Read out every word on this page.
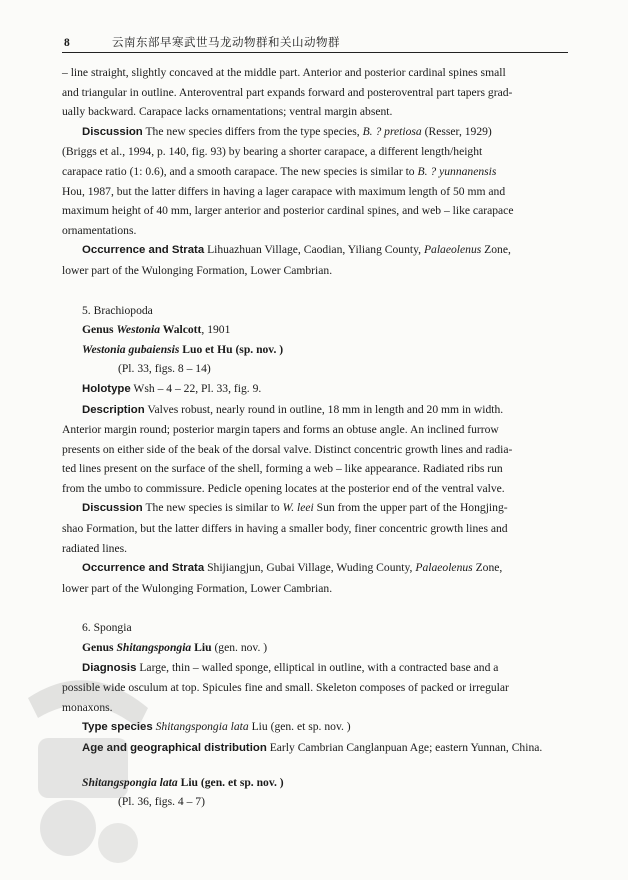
8	云南东部早寒武世马龙动物群和关山动物群

– line straight, slightly concaved at the middle part. Anterior and posterior cardinal spines small
and triangular in outline. Anteroventral part expands forward and posteroventral part tapers grad-
ually backward. Carapace lacks ornamentations; ventral margin absent.

Discussion The new species differs from the type species, B. ? pretiosa (Resser, 1929)
(Briggs et al., 1994, p. 140, fig. 93) by bearing a shorter carapace, a different length/height
carapace ratio (1: 0.6), and a smooth carapace. The new species is similar to B. ? yunnanensis
Hou, 1987, but the latter differs in having a lager carapace with maximum length of 50 mm and
maximum height of 40 mm, larger anterior and posterior cardinal spines, and web – like carapace
ornamentations.

Occurrence and Strata Lihuazhuan Village, Caodian, Yiliang County, Palaeolenus Zone,
lower part of the Wulonging Formation, Lower Cambrian.

5. Brachiopoda

Genus Westonia Walcott, 1901

Westonia gubaiensis Luo et Hu (sp. nov. )

(Pl. 33, figs. 8 – 14)

Holotype Wsh – 4 – 22, Pl. 33, fig. 9.

Description Valves robust, nearly round in outline, 18 mm in length and 20 mm in width.
Anterior margin round; posterior margin tapers and forms an obtuse angle. An inclined furrow
presents on either side of the beak of the dorsal valve. Distinct concentric growth lines and radia-
ted lines present on the surface of the shell, forming a web – like appearance. Radiated ribs run
from the umbo to commissure. Pedicle opening locates at the posterior end of the ventral valve.

Discussion The new species is similar to W. leei Sun from the upper part of the Hongjing-
shao Formation, but the latter differs in having a smaller body, finer concentric growth lines and
radiated lines.

Occurrence and Strata Shijiangjun, Gubai Village, Wuding County, Palaeolenus Zone,
lower part of the Wulonging Formation, Lower Cambrian.

6. Spongia

Genus Shitangspongia Liu (gen. nov. )

Diagnosis Large, thin – walled sponge, elliptical in outline, with a contracted base and a
possible wide osculum at top. Spicules fine and small. Skeleton composes of packed or irregular
monaxons.

Type species Shitangspongia lata Liu (gen. et sp. nov. )

Age and geographical distribution Early Cambrian Canglanpuan Age; eastern Yunnan, China.

Shitangspongia lata Liu (gen. et sp. nov. )

(Pl. 36, figs. 4 – 7)
